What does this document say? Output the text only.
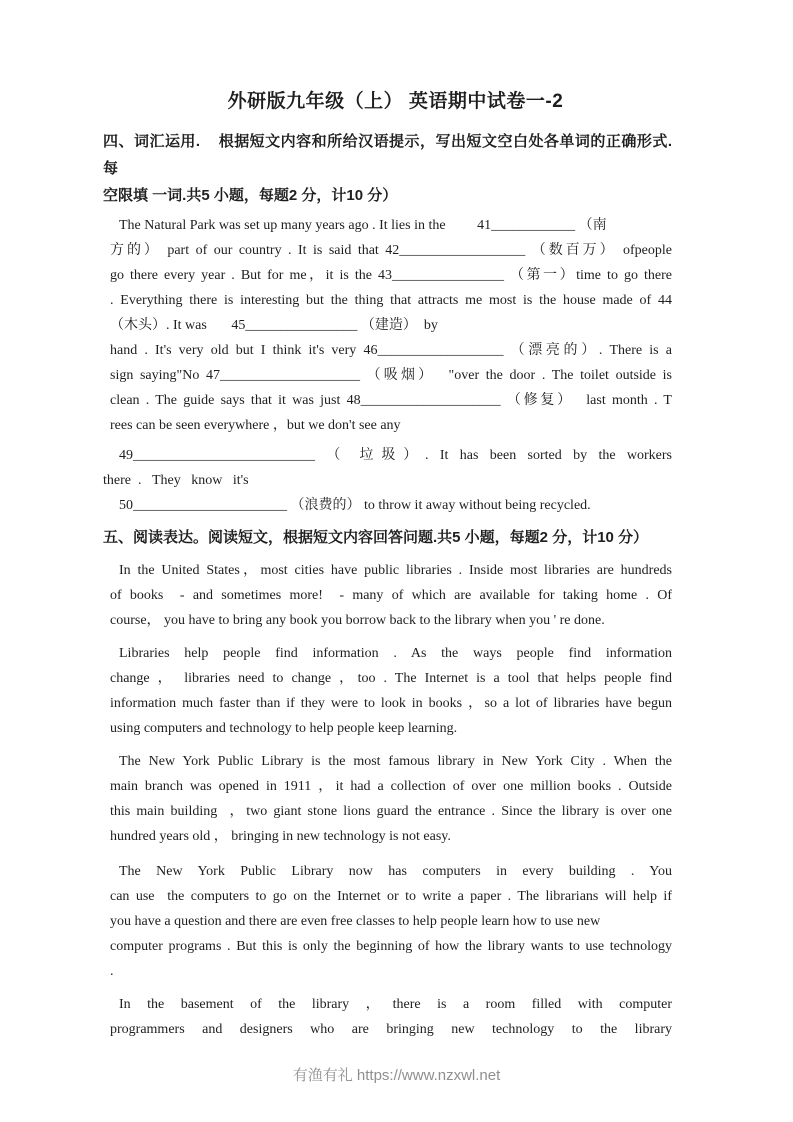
外研版九年级（上） 英语期中试卷一-2
四、词汇运用.    根据短文内容和所给汉语提示，写出短文空白处各单词的正确形式. 每
空限填 一词.共5 小题，每题2 分，计10 分）
The Natural Park was set up many years ago . It lies in the         41____________ （南
方的） part of our country . It is said that 42__________________ （数百万） ofpeople
go there every year . But for me，it is the 43________________ （第一）time to go there
. Everything there is interesting but the thing that attracts me most is the house made of 44
（木头）. It was       45________________ （建造）  by
hand . It's very old but I think it's very 46__________________ （漂亮的）. There is a
sign saying"No 47____________________ （吸烟）  "over the door . The toilet outside is
clean . The guide says that it was just 48____________________ （修复）  last month . T
rees can be seen everywhere ，but we don't see any
49__________________________ （ 垃圾）. It has been sorted by the workers
there  .   They   know   it's
50______________________ （浪费的） to throw it away without being recycled.
五、阅读表达。阅读短文，根据短文内容回答问题.共5 小题，每题2 分，计10 分）
In the United States，most cities have public libraries . Inside most libraries are hundreds
of books  - and sometimes more!  - many of which are available for taking home . Of
course， you have to bring any book you borrow back to the library when you ' re done.
Libraries help people find information . As the ways people find information
change ， libraries need to change ，too . The Internet is a tool that helps people find
information much faster than if they were to look in books ，so a lot of libraries have begun
using computers and technology to help people keep learning.
The New York Public Library is the most famous library in New York City . When the
main branch was opened in 1911 ，it had a collection of over one million books . Outside
this main building  ，two giant stone lions guard the entrance . Since the library is over one
hundred years old ， bringing in new technology is not easy.
The New York Public Library now has computers in every building . You
can use  the computers to go on the Internet or to write a paper . The librarians will help if
you have a question and there are even free classes to help people learn how to use new
computer programs . But this is only the beginning of how the library wants to use technology
.
In the basement of the library ，there is a room filled with computer
programmers and designers who are bringing new technology to the library
有渔有礼 https://www.nzxwl.net
